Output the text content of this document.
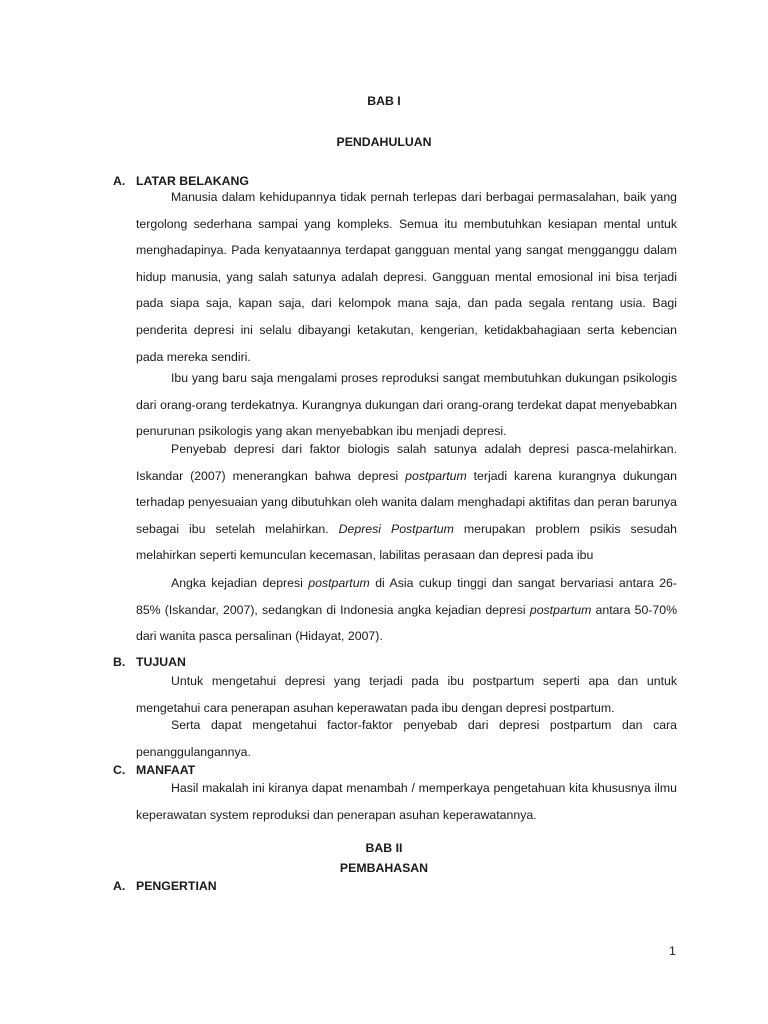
BAB I
PENDAHULUAN
A. LATAR BELAKANG

Manusia dalam kehidupannya tidak pernah terlepas dari berbagai permasalahan, baik yang tergolong sederhana sampai yang kompleks. Semua itu membutuhkan kesiapan mental untuk menghadapinya. Pada kenyataannya terdapat gangguan mental yang sangat mengganggu dalam hidup manusia, yang salah satunya adalah depresi. Gangguan mental emosional ini bisa terjadi pada siapa saja, kapan saja, dari kelompok mana saja, dan pada segala rentang usia. Bagi penderita depresi ini selalu dibayangi ketakutan, kengerian, ketidakbahagiaan serta kebencian pada mereka sendiri.

Ibu yang baru saja mengalami proses reproduksi sangat membutuhkan dukungan psikologis dari orang-orang terdekatnya. Kurangnya dukungan dari orang-orang terdekat dapat menyebabkan penurunan psikologis yang akan menyebabkan ibu menjadi depresi.

Penyebab depresi dari faktor biologis salah satunya adalah depresi pasca-melahirkan. Iskandar (2007) menerangkan bahwa depresi postpartum terjadi karena kurangnya dukungan terhadap penyesuaian yang dibutuhkan oleh wanita dalam menghadapi aktifitas dan peran barunya sebagai ibu setelah melahirkan. Depresi Postpartum merupakan problem psikis sesudah melahirkan seperti kemunculan kecemasan, labilitas perasaan dan depresi pada ibu

Angka kejadian depresi postpartum di Asia cukup tinggi dan sangat bervariasi antara 26-85% (Iskandar, 2007), sedangkan di Indonesia angka kejadian depresi postpartum antara 50-70% dari wanita pasca persalinan (Hidayat, 2007).

B. TUJUAN

Untuk mengetahui depresi yang terjadi pada ibu postpartum seperti apa dan untuk mengetahui cara penerapan asuhan keperawatan pada ibu dengan depresi postpartum.

Serta dapat mengetahui factor-faktor penyebab dari depresi postpartum dan cara penanggulangannya.

C. MANFAAT

Hasil makalah ini kiranya dapat menambah / memperkaya pengetahuan kita khususnya ilmu keperawatan system reproduksi dan penerapan asuhan keperawatannya.

BAB II
PEMBAHASAN
A. PENGERTIAN
1
